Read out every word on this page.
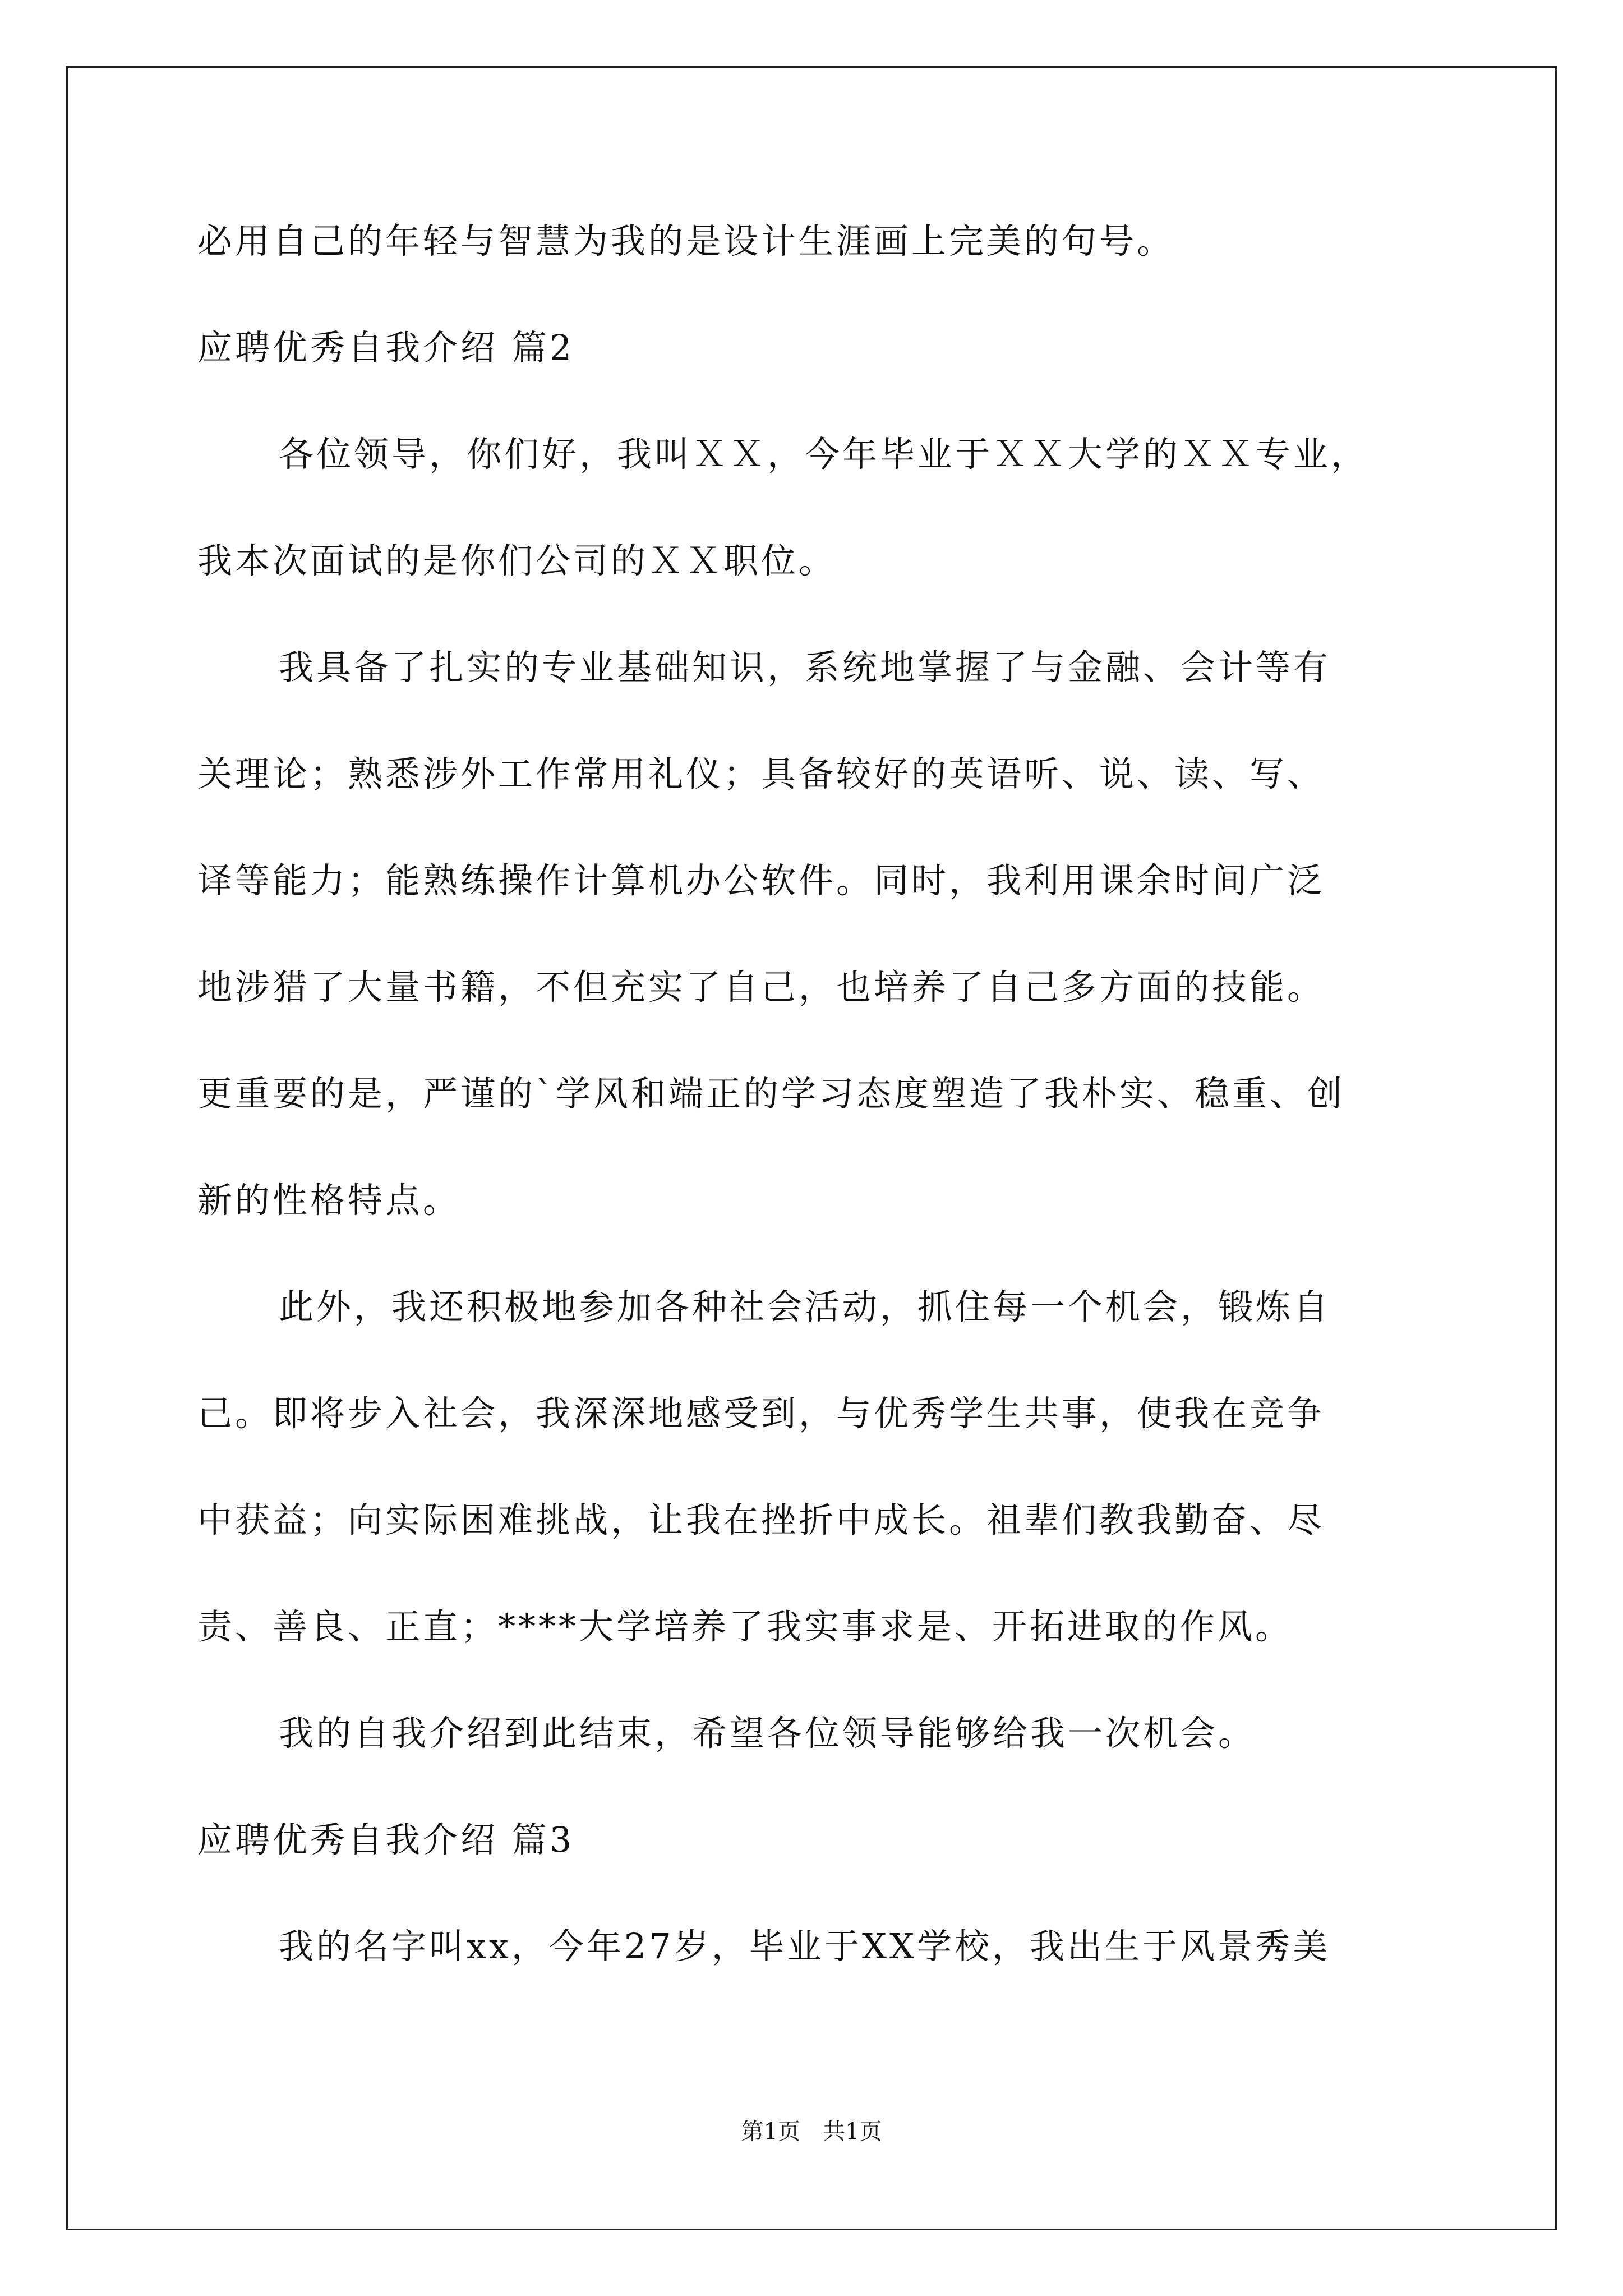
必用自己的年轻与智慧为我的是设计生涯画上完美的句号。
应聘优秀自我介绍 篇2
各位领导，你们好，我叫ＸＸ，今年毕业于ＸＸ大学的ＸＸ专业，
我本次面试的是你们公司的ＸＸ职位。
我具备了扎实的专业基础知识，系统地掌握了与金融、会计等有
关理论；熟悉涉外工作常用礼仪；具备较好的英语听、说、读、写、
译等能力；能熟练操作计算机办公软件。同时，我利用课余时间广泛
地涉猎了大量书籍，不但充实了自己，也培养了自己多方面的技能。
更重要的是，严谨的`学风和端正的学习态度塑造了我朴实、稳重、创
新的性格特点。
此外，我还积极地参加各种社会活动，抓住每一个机会，锻炼自
己。即将步入社会，我深深地感受到，与优秀学生共事，使我在竞争
中获益；向实际困难挑战，让我在挫折中成长。祖辈们教我勤奋、尽
责、善良、正直；****大学培养了我实事求是、开拓进取的作风。
我的自我介绍到此结束，希望各位领导能够给我一次机会。
应聘优秀自我介绍 篇3
我的名字叫xx，今年27岁，毕业于XX学校，我出生于风景秀美
第1页　共1页
